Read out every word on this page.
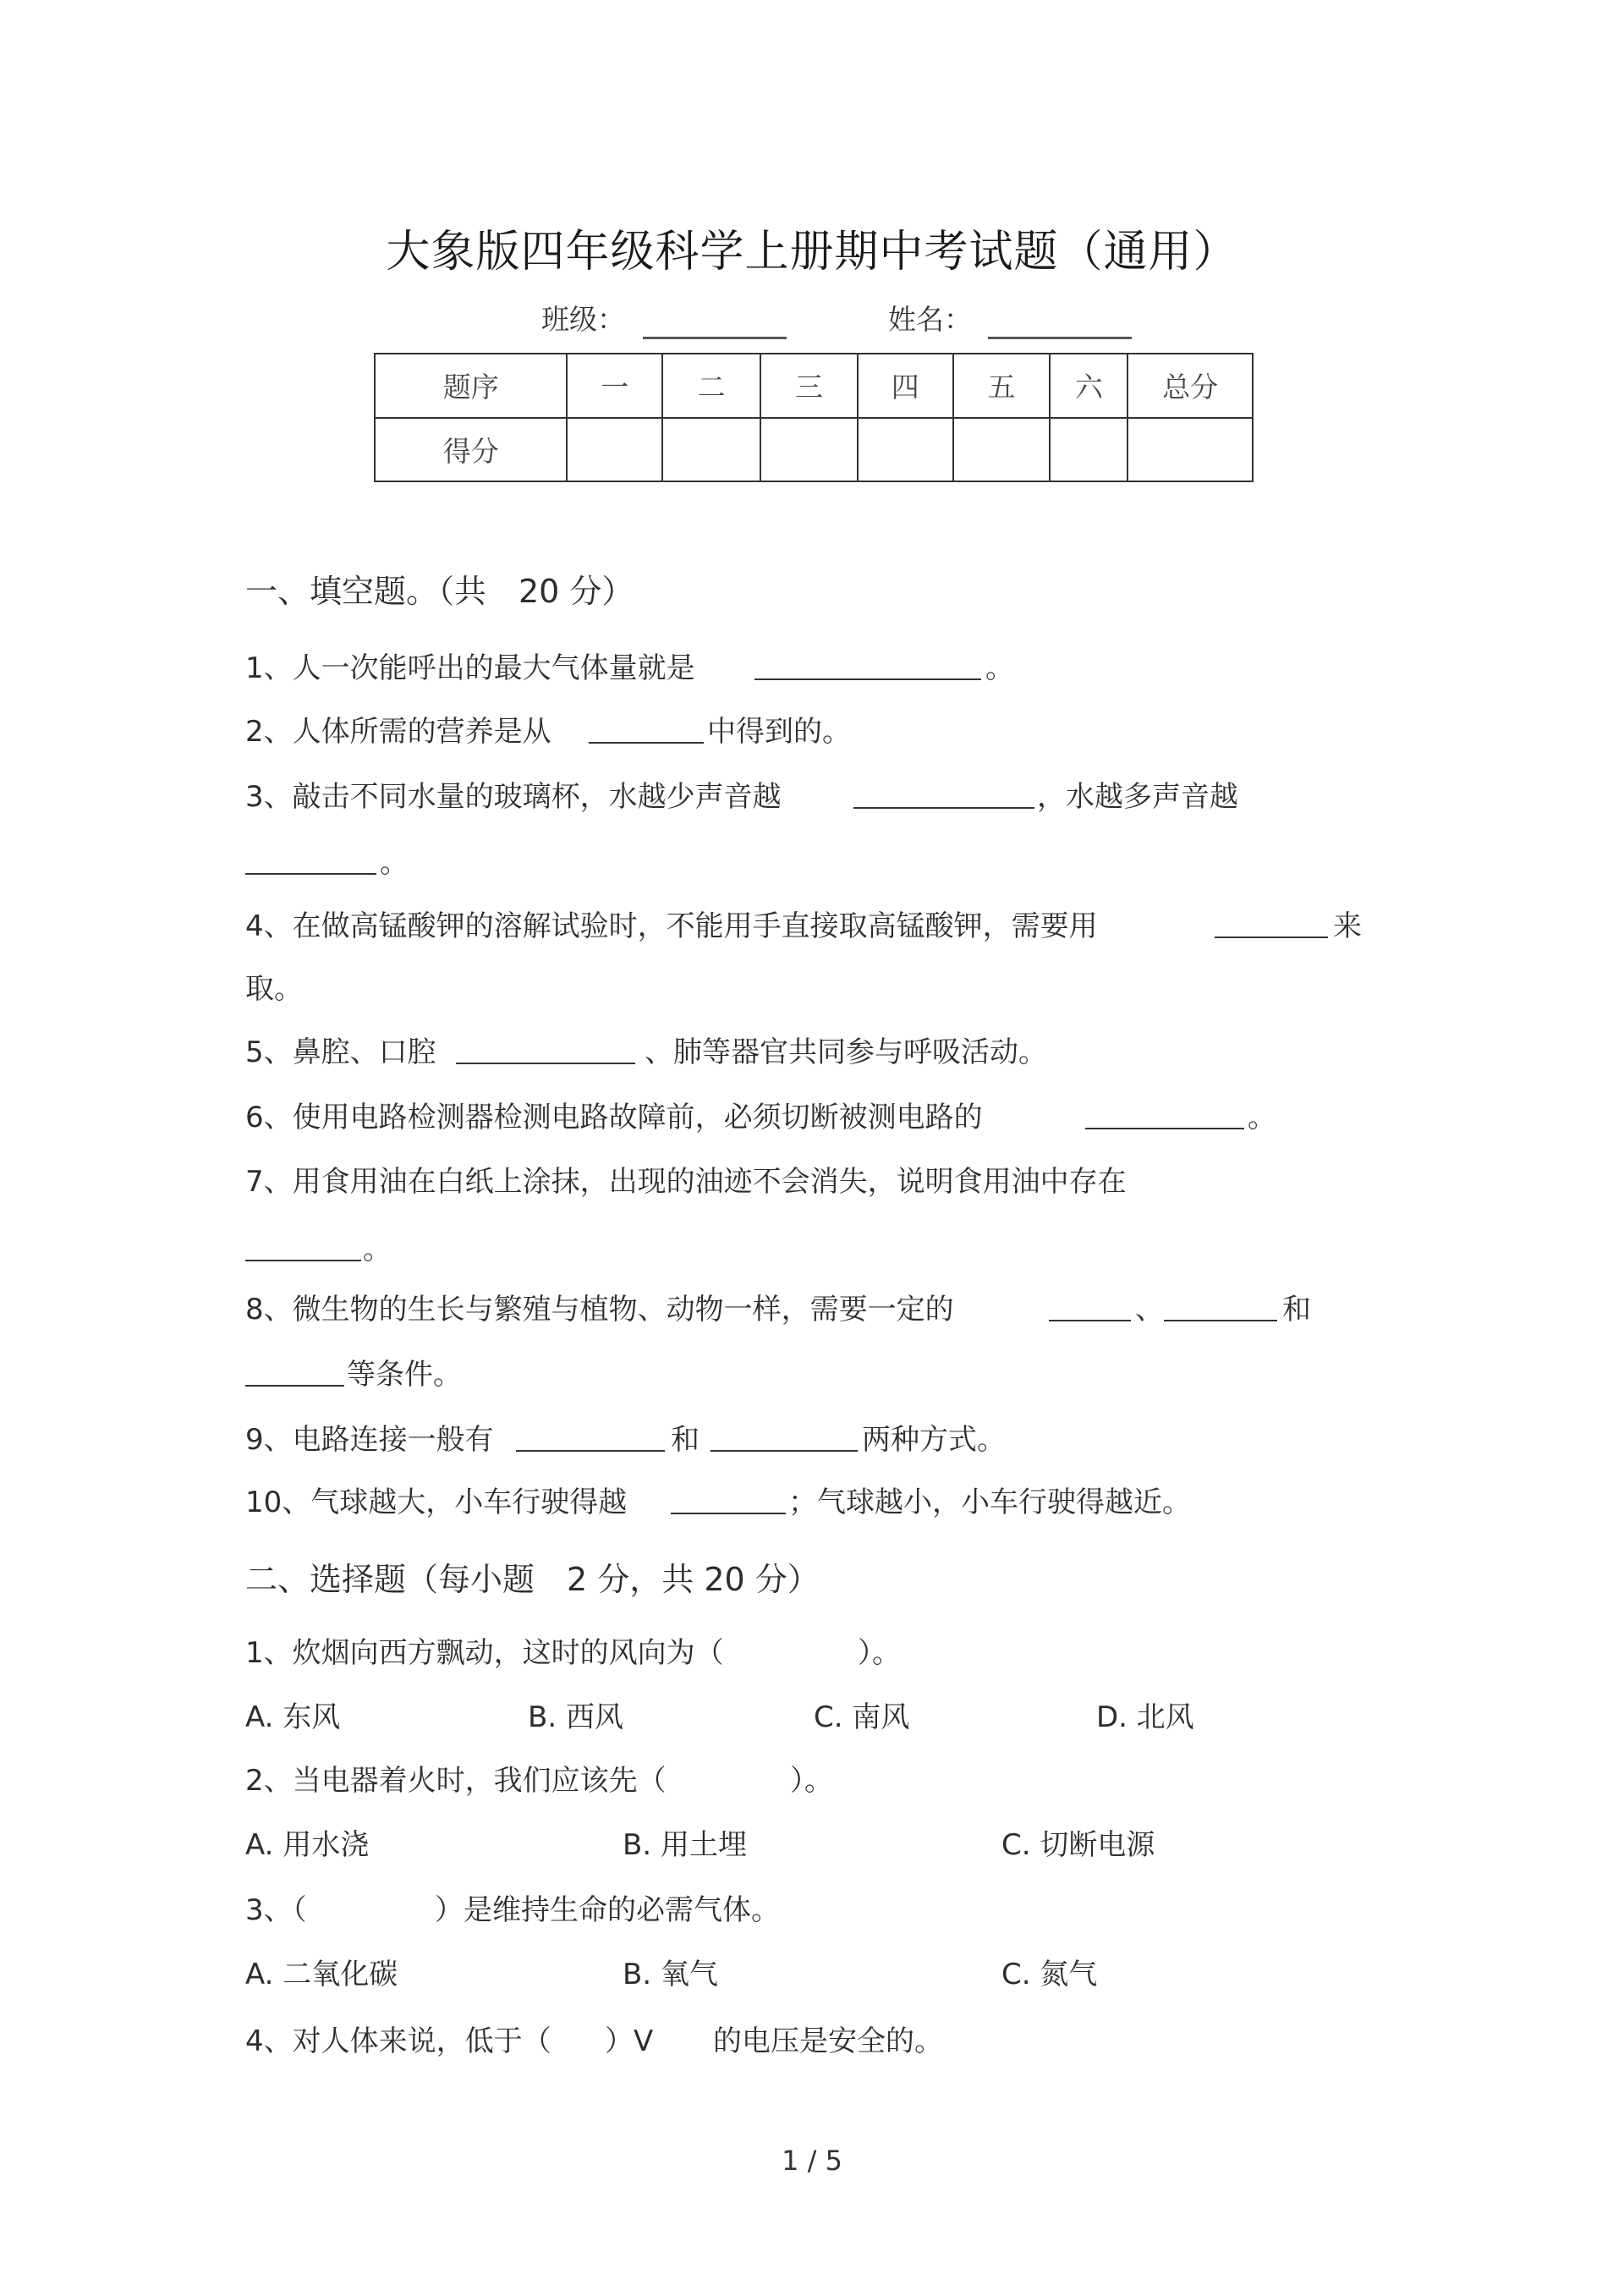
大象版四年级科学上册期中考试题（通用）
班级：	姓名：
题序	一	二	三	四	五	六	总分
得分							
一、填空题。（共　20 分）
1、人一次能呼出的最大气体量就是	。
2、人体所需的营养是从	中得到的。
3、敲击不同水量的玻璃杯，水越少声音越	，水越多声音越
。
4、在做高锰酸钾的溶解试验时，不能用手直接取高锰酸钾，需要用	来
取。
5、鼻腔、口腔	、肺等器官共同参与呼吸活动。
6、使用电路检测器检测电路故障前，必须切断被测电路的	。
7、用食用油在白纸上涂抹，出现的油迹不会消失，说明食用油中存在
。
8、微生物的生长与繁殖与植物、动物一样，需要一定的	、	和
等条件。
9、电路连接一般有	和	两种方式。
10、气球越大，小车行驶得越	；气球越小，小车行驶得越近。
二、选择题（每小题　2 分，共 20 分）
1、炊烟向西方飘动，这时的风向为（	）。
A. 东风	B. 西风	C. 南风	D. 北风
2、当电器着火时，我们应该先（	）。
A. 用水浇	B. 用土埋	C. 切断电源
3、（	）是维持生命的必需气体。
A. 二氧化碳	B. 氧气	C. 氮气
4、对人体来说，低于（ ）V 的电压是安全的。
1 / 5
